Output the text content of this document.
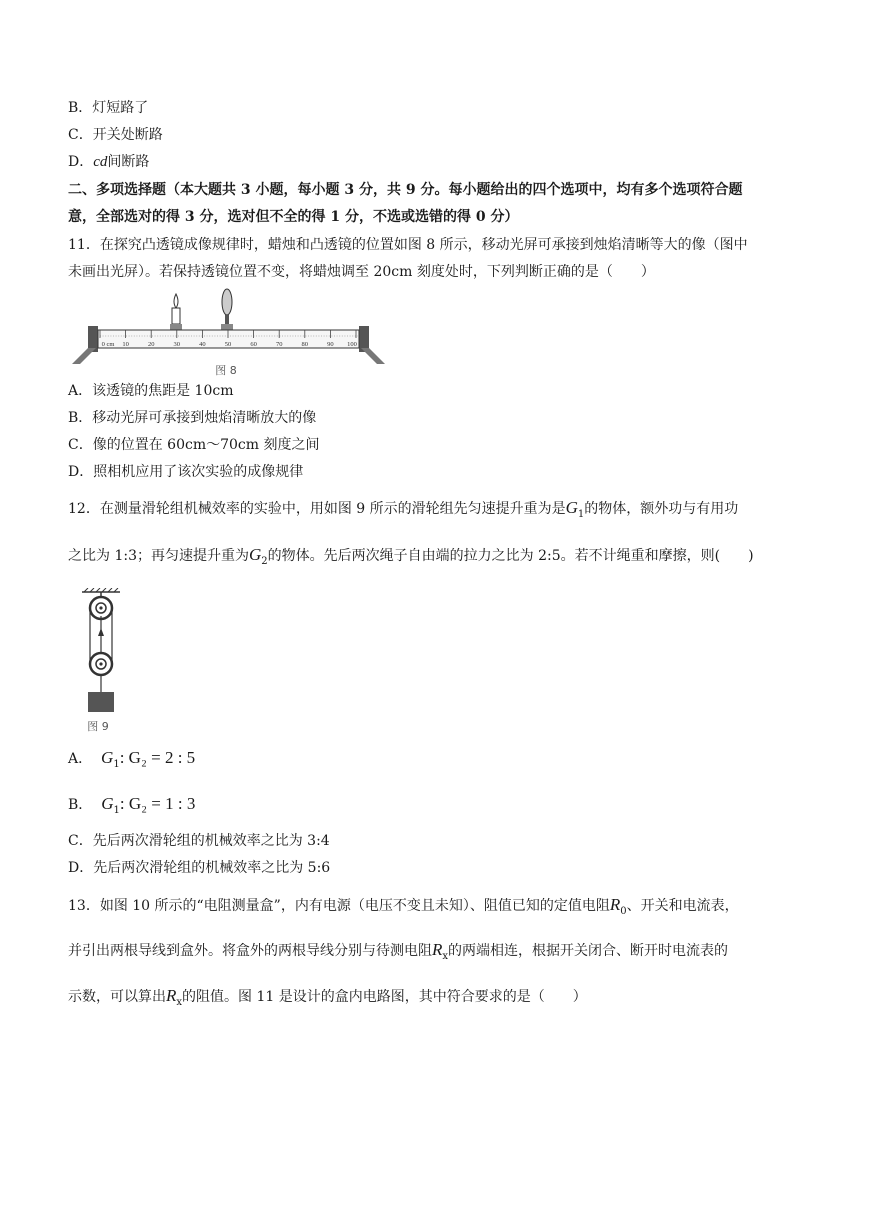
B．灯短路了
C．开关处断路
D．cd间断路
二、多项选择题（本大题共 3 小题，每小题 3 分，共 9 分。每小题给出的四个选项中，均有多个选项符合题
意，全部选对的得 3 分，选对但不全的得 1 分，不选或选错的得 0 分）
11．在探究凸透镜成像规律时，蜡烛和凸透镜的位置如图 8 所示，移动光屏可承接到烛焰清晰等大的像（图中
未画出光屏）。若保持透镜位置不变，将蜡烛调至 20cm 刻度处时，下列判断正确的是（　　）
0 cm 10	20	30	40	50	60	70	80	90 100
图 8
A．该透镜的焦距是 10cm
B．移动光屏可承接到烛焰清晰放大的像
C．像的位置在 60cm～70cm 刻度之间
D．照相机应用了该次实验的成像规律
12．在测量滑轮组机械效率的实验中，用如图 9 所示的滑轮组先匀速提升重为是$G_1$的物体，额外功与有用功
之比为 1:3；再匀速提升重为$G_2$的物体。先后两次绳子自由端的拉力之比为 2:5。若不计绳重和摩擦，则(　　)
图 9
A． $G_1$: G₂ = 2 : 5
B． $G_1$: G₂ = 1 : 3
C．先后两次滑轮组的机械效率之比为 3:4
D．先后两次滑轮组的机械效率之比为 5:6
13．如图 10 所示的“电阻测量盒”，内有电源（电压不变且未知）、阻值已知的定值电阻$R_0$、开关和电流表，
并引出两根导线到盒外。将盒外的两根导线分别与待测电阻$R_x$的两端相连，根据开关闭合、断开时电流表的
示数，可以算出$R_x$的阻值。图 11 是设计的盒内电路图，其中符合要求的是（　　）
